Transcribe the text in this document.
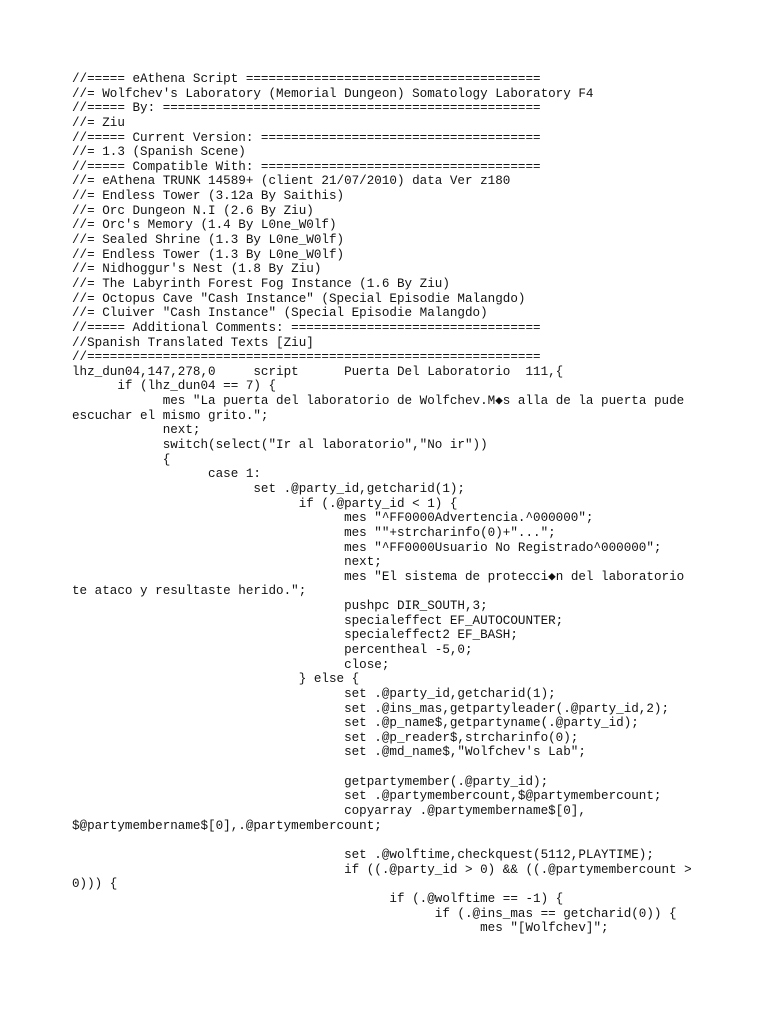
//===== eAthena Script =======================================
//= Wolfchev's Laboratory (Memorial Dungeon) Somatology Laboratory F4
//===== By: ==================================================
//= Ziu
//===== Current Version: =====================================
//= 1.3 (Spanish Scene)
//===== Compatible With: =====================================
//= eAthena TRUNK 14589+ (client 21/07/2010) data Ver z180
//= Endless Tower (3.12a By Saithis)
//= Orc Dungeon N.I (2.6 By Ziu)
//= Orc's Memory (1.4 By L0ne_W0lf)
//= Sealed Shrine (1.3 By L0ne_W0lf)
//= Endless Tower (1.3 By L0ne_W0lf)
//= Nidhoggur's Nest (1.8 By Ziu)
//= The Labyrinth Forest Fog Instance (1.6 By Ziu)
//= Octopus Cave "Cash Instance" (Special Episodie Malangdo)
//= Cluiver "Cash Instance" (Special Episodie Malangdo)
//===== Additional Comments: =================================
//Spanish Translated Texts [Ziu]
//============================================================
lhz_dun04,147,278,0     script      Puerta Del Laboratorio  111,{
if (lhz_dun04 == 7) {
mes "La puerta del laboratorio de Wolfchev.M◆s alla de la puerta pude
escuchar el mismo grito.";
next;
switch(select("Ir al laboratorio","No ir"))
{
case 1:
set .@party_id,getcharid(1);
if (.@party_id < 1) {
mes "^FF0000Advertencia.^000000";
mes ""+strcharinfo(0)+"...";
mes "^FF0000Usuario No Registrado^000000";
next;
mes "El sistema de protecci◆n del laboratorio
te ataco y resultaste herido.";
pushpc DIR_SOUTH,3;
specialeffect EF_AUTOCOUNTER;
specialeffect2 EF_BASH;
percentheal -5,0;
close;
} else {
set .@party_id,getcharid(1);
set .@ins_mas,getpartyleader(.@party_id,2);
set .@p_name$,getpartyname(.@party_id);
set .@p_reader$,strcharinfo(0);
set .@md_name$,"Wolfchev's Lab";
getpartymember(.@party_id);
set .@partymembercount,$@partymembercount;
copyarray .@partymembername$[0],
$@partymembername$[0],.@partymembercount;
set .@wolftime,checkquest(5112,PLAYTIME);
if ((.@party_id > 0) && ((.@partymembercount >
0))) {
if (.@wolftime == -1) {
if (.@ins_mas == getcharid(0)) {
mes "[Wolfchev]";
